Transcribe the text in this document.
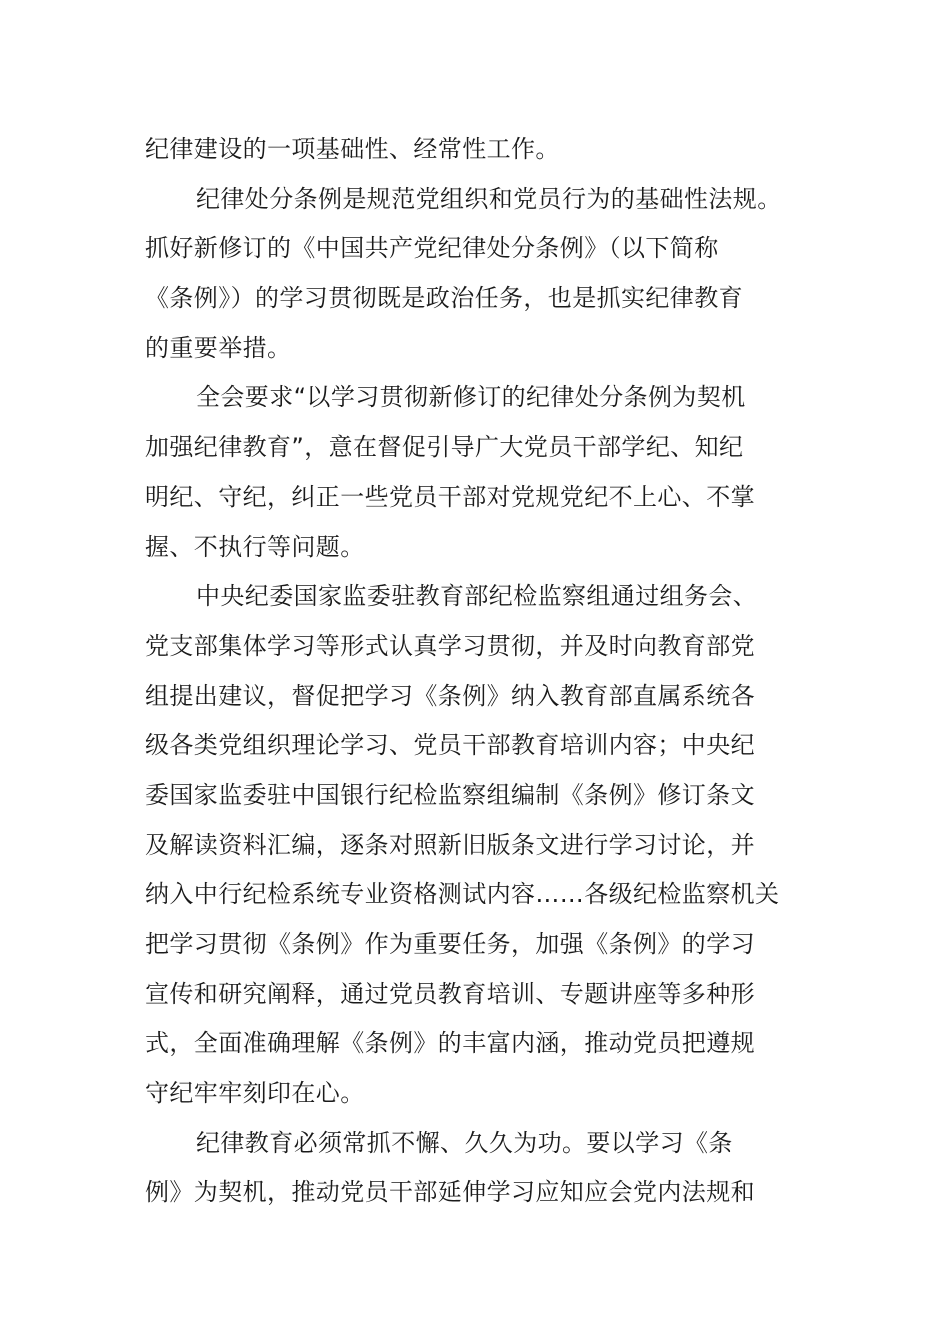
纪律建设的一项基础性、经常性工作。
纪律处分条例是规范党组织和党员行为的基础性法规。
抓好新修订的《中国共产党纪律处分条例》（以下简称
《条例》）的学习贯彻既是政治任务，也是抓实纪律教育
的重要举措。
全会要求“以学习贯彻新修订的纪律处分条例为契机
加强纪律教育”，意在督促引导广大党员干部学纪、知纪
明纪、守纪，纠正一些党员干部对党规党纪不上心、不掌
握、不执行等问题。
中央纪委国家监委驻教育部纪检监察组通过组务会、
党支部集体学习等形式认真学习贯彻，并及时向教育部党
组提出建议，督促把学习《条例》纳入教育部直属系统各
级各类党组织理论学习、党员干部教育培训内容；中央纪
委国家监委驻中国银行纪检监察组编制《条例》修订条文
及解读资料汇编，逐条对照新旧版条文进行学习讨论，并
纳入中行纪检系统专业资格测试内容……各级纪检监察机关
把学习贯彻《条例》作为重要任务，加强《条例》的学习
宣传和研究阐释，通过党员教育培训、专题讲座等多种形
式，全面准确理解《条例》的丰富内涵，推动党员把遵规
守纪牢牢刻印在心。
纪律教育必须常抓不懈、久久为功。要以学习《条
例》为契机，推动党员干部延伸学习应知应会党内法规和
